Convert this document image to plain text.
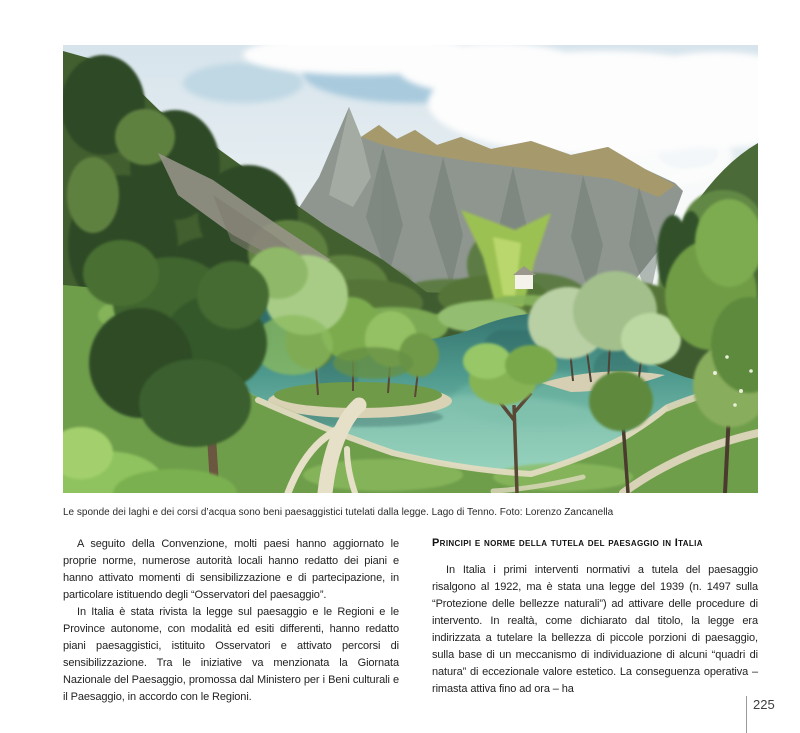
Le sponde dei laghi e dei corsi d’acqua sono beni paesaggistici tutelati dalla legge. Lago di Tenno. Foto: Lorenzo Zancanella

A seguito della Convenzione, molti paesi hanno aggiornato le proprie norme, numerose autorità locali hanno redatto dei piani e hanno attivato momenti di sensibilizzazione e di partecipazione, in particolare istituendo degli “Osservatori del paesaggio”.

In Italia è stata rivista la legge sul paesaggio e le Regioni e le Province autonome, con modalità ed esiti differenti, hanno redatto piani paesaggistici, istituito Osservatori e attivato percorsi di sensibilizzazione. Tra le iniziative va menzionata la Giornata Nazionale del Paesaggio, promossa dal Ministero per i Beni culturali e il Paesaggio, in accordo con le Regioni.

Principi e norme della tutela del paesaggio in Italia

In Italia i primi interventi normativi a tutela del paesaggio risalgono al 1922, ma è stata una legge del 1939 (n. 1497 sulla “Protezione delle bellezze naturali”) ad attivare delle procedure di intervento. In realtà, come dichiarato dal titolo, la legge era indirizzata a tutelare la bellezza di piccole porzioni di paesaggio, sulla base di un meccanismo di individuazione di alcuni “quadri di natura” di eccezionale valore estetico. La conseguenza operativa – rimasta attiva fino ad ora – ha

225
